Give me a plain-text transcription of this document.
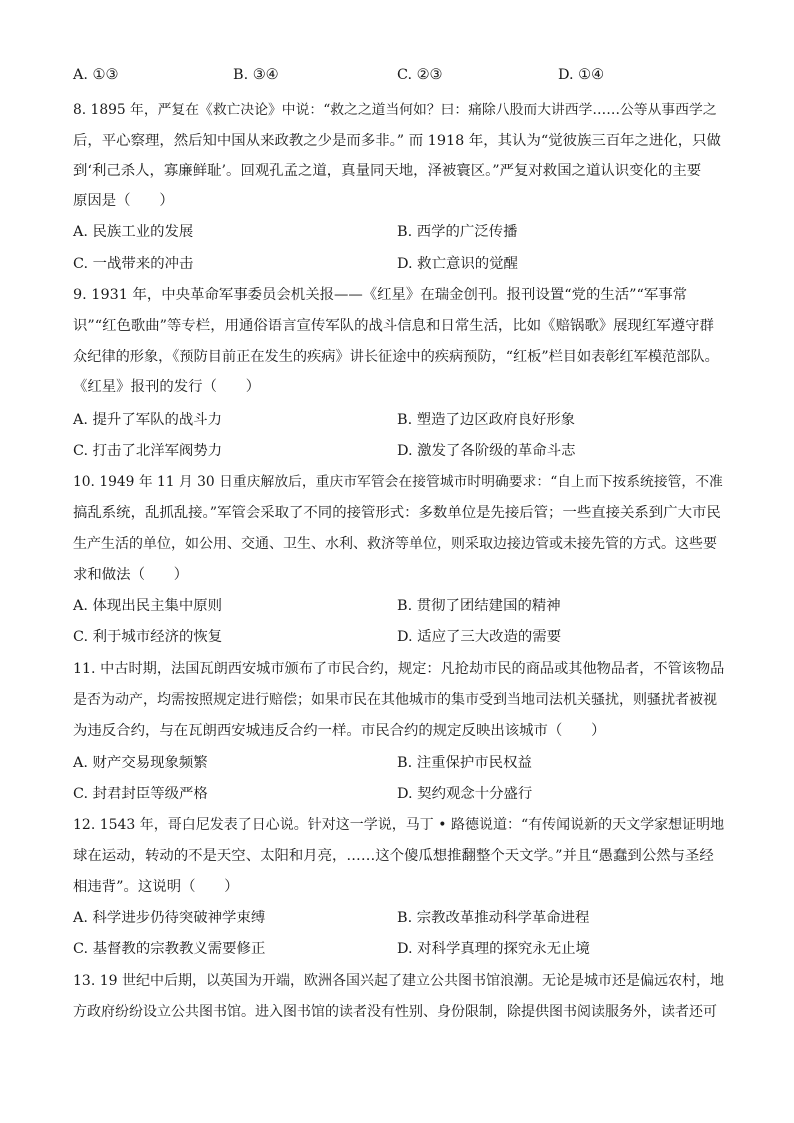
A. ①③	B. ③④	C. ②③	D. ①④
8. 1895 年，严复在《救亡决论》中说：“救之之道当何如？曰：痛除八股而大讲西学……公等从事西学之
后，平心察理，然后知中国从来政教之少是而多非。” 而 1918 年，其认为“觉彼族三百年之进化，只做
到‘利己杀人，寡廉鲜耻’。回观孔孟之道，真量同天地，泽被寰区。”严复对救国之道认识变化的主要
原因是（　　）
A. 民族工业的发展	B. 西学的广泛传播
C. 一战带来的冲击	D. 救亡意识的觉醒
9. 1931 年，中央革命军事委员会机关报——《红星》在瑞金创刊。报刊设置“党的生活”“军事常
识”“红色歌曲”等专栏，用通俗语言宣传军队的战斗信息和日常生活，比如《赔锅歌》展现红军遵守群
众纪律的形象，《预防目前正在发生的疾病》讲长征途中的疾病预防，“红板”栏目如表彰红军模范部队。
《红星》报刊的发行（　　）
A. 提升了军队的战斗力	B. 塑造了边区政府良好形象
C. 打击了北洋军阀势力	D. 激发了各阶级的革命斗志
10. 1949 年 11 月 30 日重庆解放后，重庆市军管会在接管城市时明确要求：“自上而下按系统接管，不准
搞乱系统，乱抓乱接。”军管会采取了不同的接管形式：多数单位是先接后管；一些直接关系到广大市民
生产生活的单位，如公用、交通、卫生、水利、救济等单位，则采取边接边管或未接先管的方式。这些要
求和做法（　　）
A. 体现出民主集中原则	B. 贯彻了团结建国的精神
C. 利于城市经济的恢复	D. 适应了三大改造的需要
11. 中古时期，法国瓦朗西安城市颁布了市民合约，规定：凡抢劫市民的商品或其他物品者，不管该物品
是否为动产，均需按照规定进行赔偿；如果市民在其他城市的集市受到当地司法机关骚扰，则骚扰者被视
为违反合约，与在瓦朗西安城违反合约一样。市民合约的规定反映出该城市（　　）
A. 财产交易现象频繁	B. 注重保护市民权益
C. 封君封臣等级严格	D. 契约观念十分盛行
12. 1543 年，哥白尼发表了日心说。针对这一学说，马丁 • 路德说道：“有传闻说新的天文学家想证明地
球在运动，转动的不是天空、太阳和月亮，……这个傻瓜想推翻整个天文学。”并且“愚蠢到公然与圣经
相违背”。这说明（　　）
A. 科学进步仍待突破神学束缚	B. 宗教改革推动科学革命进程
C. 基督教的宗教教义需要修正	D. 对科学真理的探究永无止境
13. 19 世纪中后期，以英国为开端，欧洲各国兴起了建立公共图书馆浪潮。无论是城市还是偏远农村，地
方政府纷纷设立公共图书馆。进入图书馆的读者没有性别、身份限制，除提供图书阅读服务外，读者还可
